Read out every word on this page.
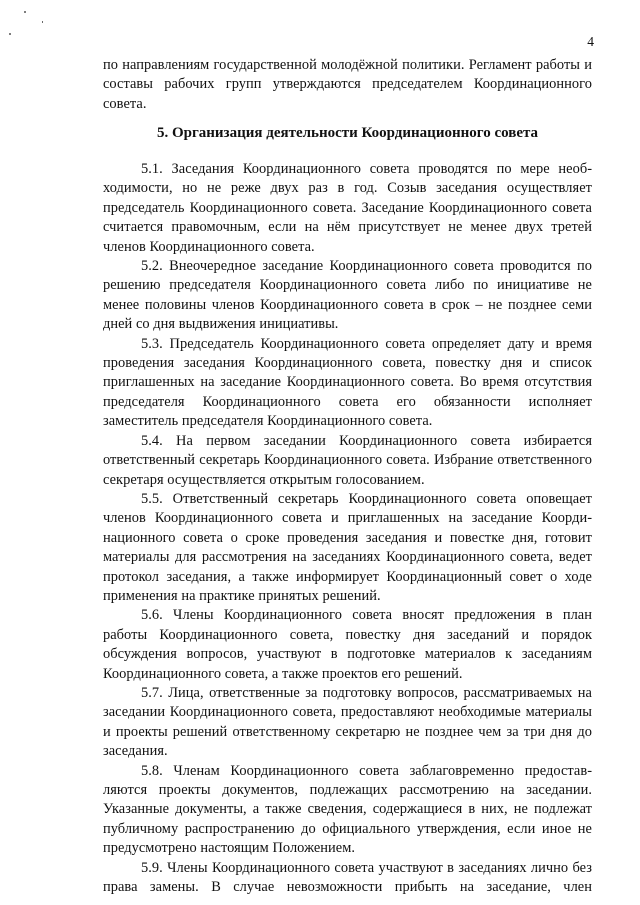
4

по направлениям государственной молодёжной политики. Регламент работы и составы рабочих групп утверждаются председателем Координационного совета.

5. Организация деятельности Координационного совета

5.1. Заседания Координационного совета проводятся по мере необходимости, но не реже двух раз в год. Созыв заседания осуществляет председатель Координационного совета. Заседание Координационного совета считается правомочным, если на нём присутствует не менее двух третей членов Координационного совета.

5.2. Внеочередное заседание Координационного совета проводится по решению председателя Координационного совета либо по инициативе не менее половины членов Координационного совета в срок – не позднее семи дней со дня выдвижения инициативы.

5.3. Председатель Координационного совета определяет дату и время проведения заседания Координационного совета, повестку дня и список приглашенных на заседание Координационного совета. Во время отсутствия председателя Координационного совета его обязанности исполняет заместитель председателя Координационного совета.

5.4. На первом заседании Координационного совета избирается ответственный секретарь Координационного совета. Избрание ответственного секретаря осуществляется открытым голосованием.

5.5. Ответственный секретарь Координационного совета оповещает членов Координационного совета и приглашенных на заседание Координационного совета о сроке проведения заседания и повестке дня, готовит материалы для рассмотрения на заседаниях Координационного совета, ведет протокол заседания, а также информирует Координационный совет о ходе применения на практике принятых решений.

5.6. Члены Координационного совета вносят предложения в план работы Координационного совета, повестку дня заседаний и порядок обсуждения вопросов, участвуют в подготовке материалов к заседаниям Координационного совета, а также проектов его решений.

5.7. Лица, ответственные за подготовку вопросов, рассматриваемых на заседании Координационного совета, предоставляют необходимые материалы и проекты решений ответственному секретарю не позднее чем за три дня до заседания.

5.8. Членам Координационного совета заблаговременно предоставляются проекты документов, подлежащих рассмотрению на заседании. Указанные документы, а также сведения, содержащиеся в них, не подлежат публичному распространению до официального утверждения, если иное не предусмотрено настоящим Положением.

5.9. Члены Координационного совета участвуют в заседаниях лично без права замены. В случае невозможности прибыть на заседание, член
